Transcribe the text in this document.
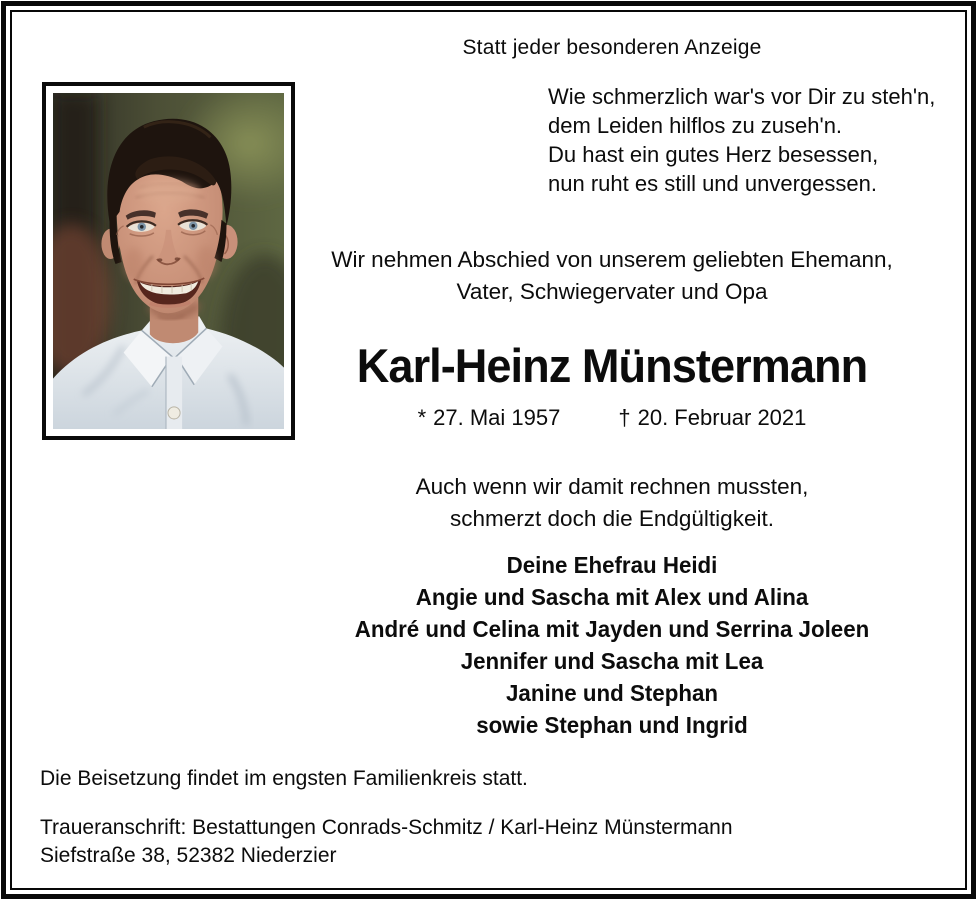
Statt jeder besonderen Anzeige
Wie schmerzlich war's vor Dir zu steh'n,
dem Leiden hilflos zu zuseh'n.
Du hast ein gutes Herz besessen,
nun ruht es still und unvergessen.
Wir nehmen Abschied von unserem geliebten Ehemann,
Vater, Schwiegervater und Opa
Karl-Heinz Münstermann
* 27. Mai 1957	† 20. Februar 2021
Auch wenn wir damit rechnen mussten,
schmerzt doch die Endgültigkeit.
Deine Ehefrau Heidi
Angie und Sascha mit Alex und Alina
André und Celina mit Jayden und Serrina Joleen
Jennifer und Sascha mit Lea
Janine und Stephan
sowie Stephan und Ingrid
Die Beisetzung findet im engsten Familienkreis statt.
Traueranschrift: Bestattungen Conrads-Schmitz / Karl-Heinz Münstermann
Siefstraße 38, 52382 Niederzier
